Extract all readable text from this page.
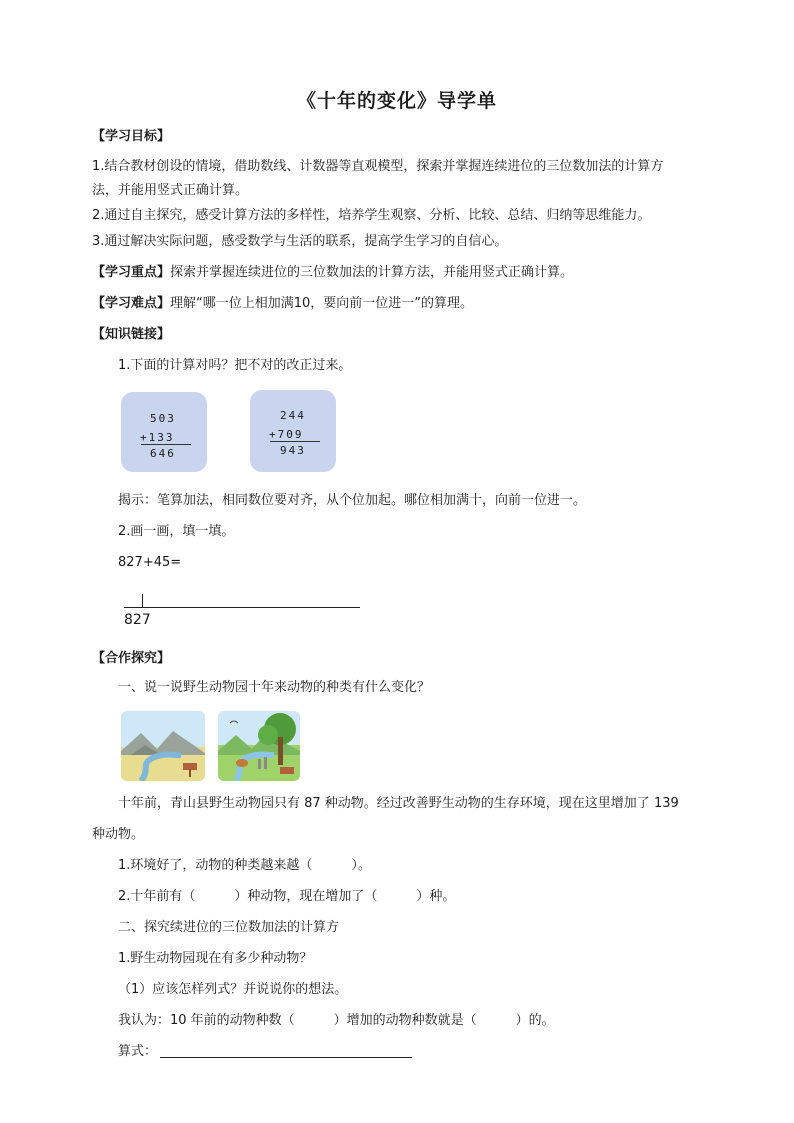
《十年的变化》导学单
【学习目标】
1.结合教材创设的情境，借助数线、计数器等直观模型，探索并掌握连续进位的三位数加法的计算方
法，并能用竖式正确计算。
2.通过自主探究，感受计算方法的多样性，培养学生观察、分析、比较、总结、归纳等思维能力。
3.通过解决实际问题，感受数学与生活的联系，提高学生学习的自信心。
【学习重点】探索并掌握连续进位的三位数加法的计算方法，并能用竖式正确计算。
【学习难点】理解“哪一位上相加满10，要向前一位进一”的算理。
【知识链接】
1.下面的计算对吗？把不对的改正过来。
503
+133
646
244
+709
943
揭示：笔算加法，相同数位要对齐，从个位加起。哪位相加满十，向前一位进一。
2.画一画，填一填。
827+45=
827
【合作探究】
一、说一说野生动物园十年来动物的种类有什么变化？
十年前，青山县野生动物园只有 87 种动物。经过改善野生动物的生存环境，现在这里增加了 139
种动物。
1.环境好了，动物的种类越来越（　　　）。
2.十年前有（　　　）种动物，现在增加了（　　　）种。
二、探究续进位的三位数加法的计算方
1.野生动物园现在有多少种动物？
（1）应该怎样列式？并说说你的想法。
我认为：10 年前的动物种数（　　　）增加的动物种数就是（　　　）的。
算式：
